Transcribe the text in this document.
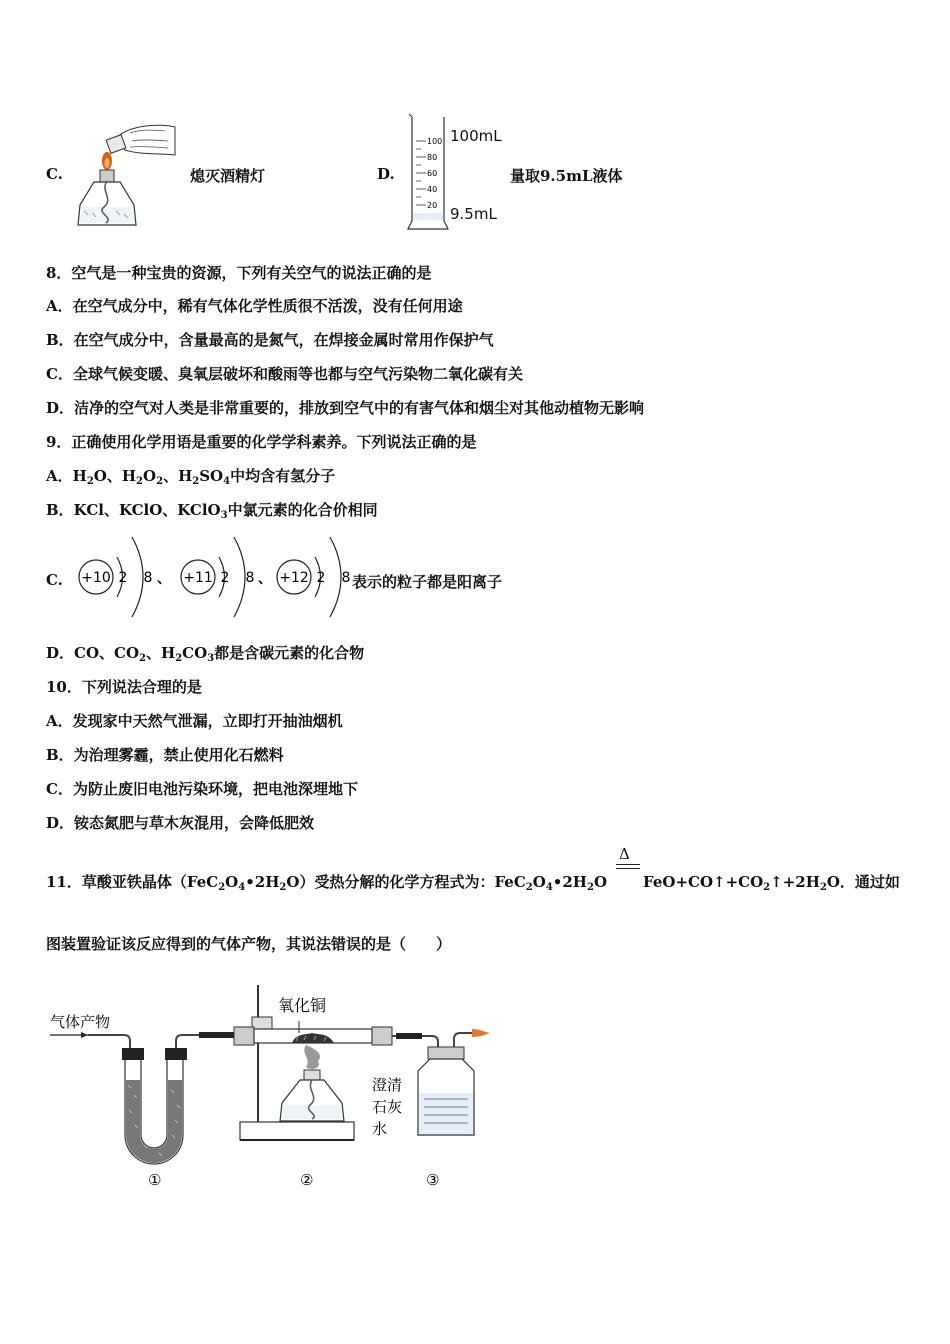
C.	熄灭酒精灯	D.
100
80
60
40
20
100mL
9.5mL
量取9.5mL液体
8．空气是一种宝贵的资源，下列有关空气的说法正确的是
A．在空气成分中，稀有气体化学性质很不活泼，没有任何用途
B．在空气成分中，含量最高的是氮气，在焊接金属时常用作保护气
C．全球气候变暖、臭氧层破坏和酸雨等也都与空气污染物二氧化碳有关
D．洁净的空气对人类是非常重要的，排放到空气中的有害气体和烟尘对其他动植物无影响
9．正确使用化学用语是重要的化学学科素养。下列说法正确的是
A．$H_2O$、$H_2O_2$、$H_2SO_4$中均含有氢分子
B．KCl、KClO、KClO$_3$中氯元素的化合价相同
C. +10 2 8 、 +11 2 8 、 +12 2 8 表示的粒子都是阳离子
D．CO、$CO_2$、$H_2CO_3$都是含碳元素的化合物
10．下列说法合理的是
A．发现家中天然气泄漏，立即打开抽油烟机
B．为治理雾霾，禁止使用化石燃料
C．为防止废旧电池污染环境，把电池深埋地下
D．铵态氮肥与草木灰混用，会降低肥效
Δ
11．草酸亚铁晶体$(FeC_2O_4•2H_2O)$受热分解的化学方程式为：$FeC_2O_4•2H_2O$ $FeO+CO↑+CO_2↑+2H_2O$．通过如
图装置验证该反应得到的气体产物，其说法错误的是（　　）
气体产物
氧化铜
澄清
石灰
水
①	②	③
